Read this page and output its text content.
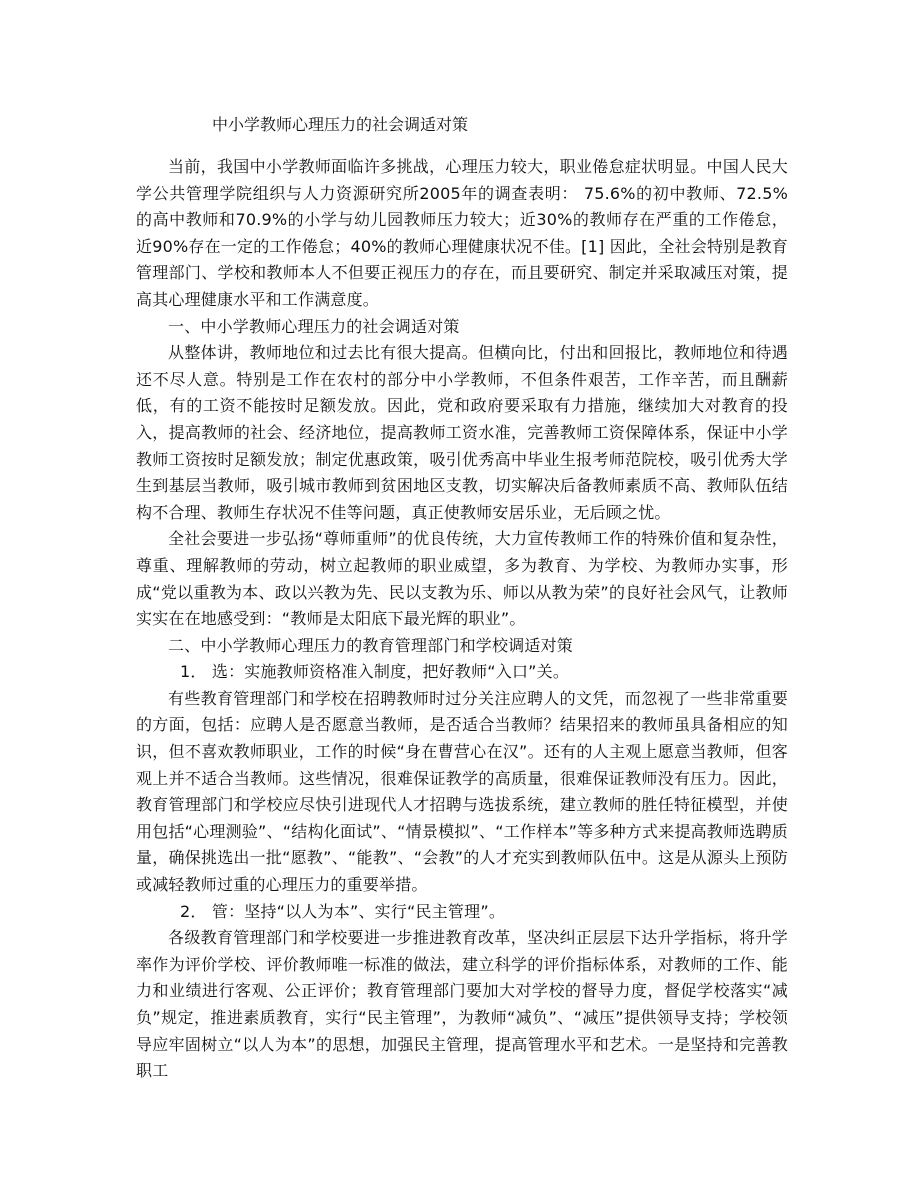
中小学教师心理压力的社会调适对策

当前，我国中小学教师面临许多挑战，心理压力较大，职业倦怠症状明显。中国人民大学公共管理学院组织与人力资源研究所2005年的调查表明： 75.6%的初中教师、72.5%的高中教师和70.9%的小学与幼儿园教师压力较大；近30%的教师存在严重的工作倦怠，近90%存在一定的工作倦怠；40%的教师心理健康状况不佳。[1] 因此，全社会特别是教育管理部门、学校和教师本人不但要正视压力的存在，而且要研究、制定并采取减压对策，提高其心理健康水平和工作满意度。

一、中小学教师心理压力的社会调适对策

从整体讲，教师地位和过去比有很大提高。但横向比，付出和回报比，教师地位和待遇还不尽人意。特别是工作在农村的部分中小学教师，不但条件艰苦，工作辛苦，而且酬薪低，有的工资不能按时足额发放。因此，党和政府要采取有力措施，继续加大对教育的投入，提高教师的社会、经济地位，提高教师工资水准，完善教师工资保障体系，保证中小学教师工资按时足额发放；制定优惠政策，吸引优秀高中毕业生报考师范院校，吸引优秀大学生到基层当教师，吸引城市教师到贫困地区支教，切实解决后备教师素质不高、教师队伍结构不合理、教师生存状况不佳等问题，真正使教师安居乐业，无后顾之忧。

全社会要进一步弘扬“尊师重师”的优良传统，大力宣传教师工作的特殊价值和复杂性，尊重、理解教师的劳动，树立起教师的职业威望，多为教育、为学校、为教师办实事，形成“党以重教为本、政以兴教为先、民以支教为乐、师以从教为荣”的良好社会风气，让教师实实在在地感受到：“教师是太阳底下最光辉的职业”。

二、中小学教师心理压力的教育管理部门和学校调适对策

1． 选：实施教师资格准入制度，把好教师“入口”关。

有些教育管理部门和学校在招聘教师时过分关注应聘人的文凭，而忽视了一些非常重要的方面，包括：应聘人是否愿意当教师，是否适合当教师？结果招来的教师虽具备相应的知识，但不喜欢教师职业，工作的时候“身在曹营心在汉”。还有的人主观上愿意当教师，但客观上并不适合当教师。这些情况，很难保证教学的高质量，很难保证教师没有压力。因此，教育管理部门和学校应尽快引进现代人才招聘与选拔系统，建立教师的胜任特征模型，并使用包括“心理测验”、“结构化面试”、“情景模拟”、“工作样本”等多种方式来提高教师选聘质量，确保挑选出一批“愿教”、“能教”、“会教”的人才充实到教师队伍中。这是从源头上预防或减轻教师过重的心理压力的重要举措。

2． 管：坚持“以人为本”、实行“民主管理”。

各级教育管理部门和学校要进一步推进教育改革，坚决纠正层层下达升学指标，将升学率作为评价学校、评价教师唯一标准的做法，建立科学的评价指标体系，对教师的工作、能力和业绩进行客观、公正评价；教育管理部门要加大对学校的督导力度，督促学校落实“减负”规定，推进素质教育，实行“民主管理”，为教师“减负”、“减压”提供领导支持；学校领导应牢固树立“以人为本”的思想，加强民主管理，提高管理水平和艺术。一是坚持和完善教职工
